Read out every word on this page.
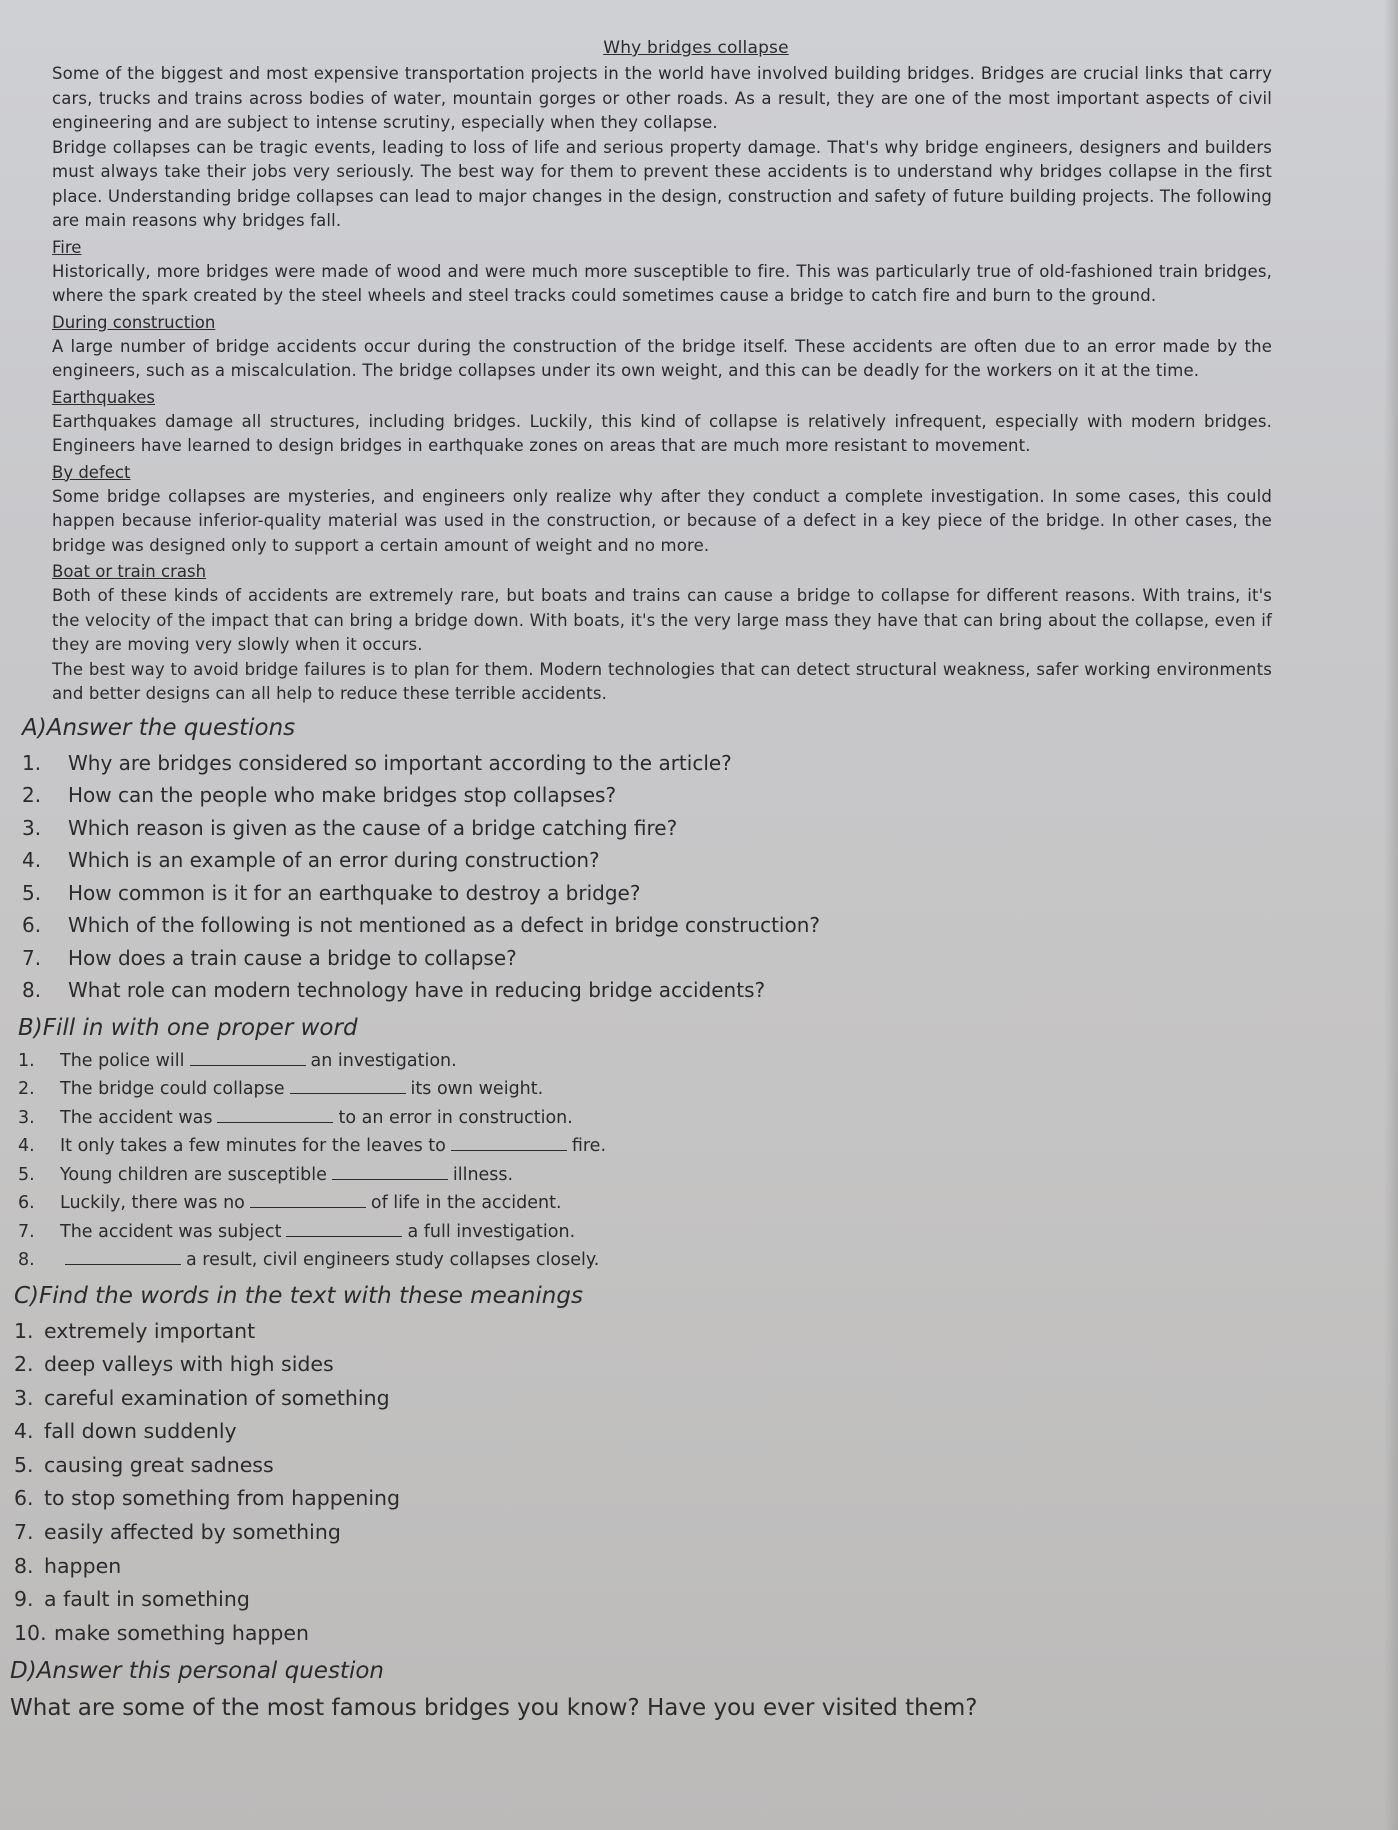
Why bridges collapse

Some of the biggest and most expensive transportation projects in the world have involved building bridges. Bridges are crucial links that carry cars, trucks and trains across bodies of water, mountain gorges or other roads. As a result, they are one of the most important aspects of civil engineering and are subject to intense scrutiny, especially when they collapse.

Bridge collapses can be tragic events, leading to loss of life and serious property damage. That's why bridge engineers, designers and builders must always take their jobs very seriously. The best way for them to prevent these accidents is to understand why bridges collapse in the first place. Understanding bridge collapses can lead to major changes in the design, construction and safety of future building projects. The following are main reasons why bridges fall.

Fire

Historically, more bridges were made of wood and were much more susceptible to fire. This was particularly true of old-fashioned train bridges, where the spark created by the steel wheels and steel tracks could sometimes cause a bridge to catch fire and burn to the ground.

During construction

A large number of bridge accidents occur during the construction of the bridge itself. These accidents are often due to an error made by the engineers, such as a miscalculation. The bridge collapses under its own weight, and this can be deadly for the workers on it at the time.

Earthquakes

Earthquakes damage all structures, including bridges. Luckily, this kind of collapse is relatively infrequent, especially with modern bridges. Engineers have learned to design bridges in earthquake zones on areas that are much more resistant to movement.

By defect

Some bridge collapses are mysteries, and engineers only realize why after they conduct a complete investigation. In some cases, this could happen because inferior-quality material was used in the construction, or because of a defect in a key piece of the bridge. In other cases, the bridge was designed only to support a certain amount of weight and no more.

Boat or train crash

Both of these kinds of accidents are extremely rare, but boats and trains can cause a bridge to collapse for different reasons. With trains, it's the velocity of the impact that can bring a bridge down. With boats, it's the very large mass they have that can bring about the collapse, even if they are moving very slowly when it occurs.

The best way to avoid bridge failures is to plan for them. Modern technologies that can detect structural weakness, safer working environments and better designs can all help to reduce these terrible accidents.

A)Answer the questions
1. Why are bridges considered so important according to the article?
2. How can the people who make bridges stop collapses?
3. Which reason is given as the cause of a bridge catching fire?
4. Which is an example of an error during construction?
5. How common is it for an earthquake to destroy a bridge?
6. Which of the following is not mentioned as a defect in bridge construction?
7. How does a train cause a bridge to collapse?
8. What role can modern technology have in reducing bridge accidents?
B)Fill in with one proper word
1. The police will	an investigation.
2. The bridge could collapse	its own weight.
3. The accident was	to an error in construction.
4. It only takes a few minutes for the leaves to	fire.
5. Young children are susceptible	illness.
6. Luckily, there was no	of life in the accident.
7. The accident was subject	a full investigation.
8.	a result, civil engineers study collapses closely.
C)Find the words in the text with these meanings
1. extremely important
2. deep valleys with high sides
3. careful examination of something
4. fall down suddenly
5. causing great sadness
6. to stop something from happening
7. easily affected by something
8. happen
9. a fault in something
10. make something happen
D)Answer this personal question
What are some of the most famous bridges you know? Have you ever visited them?
